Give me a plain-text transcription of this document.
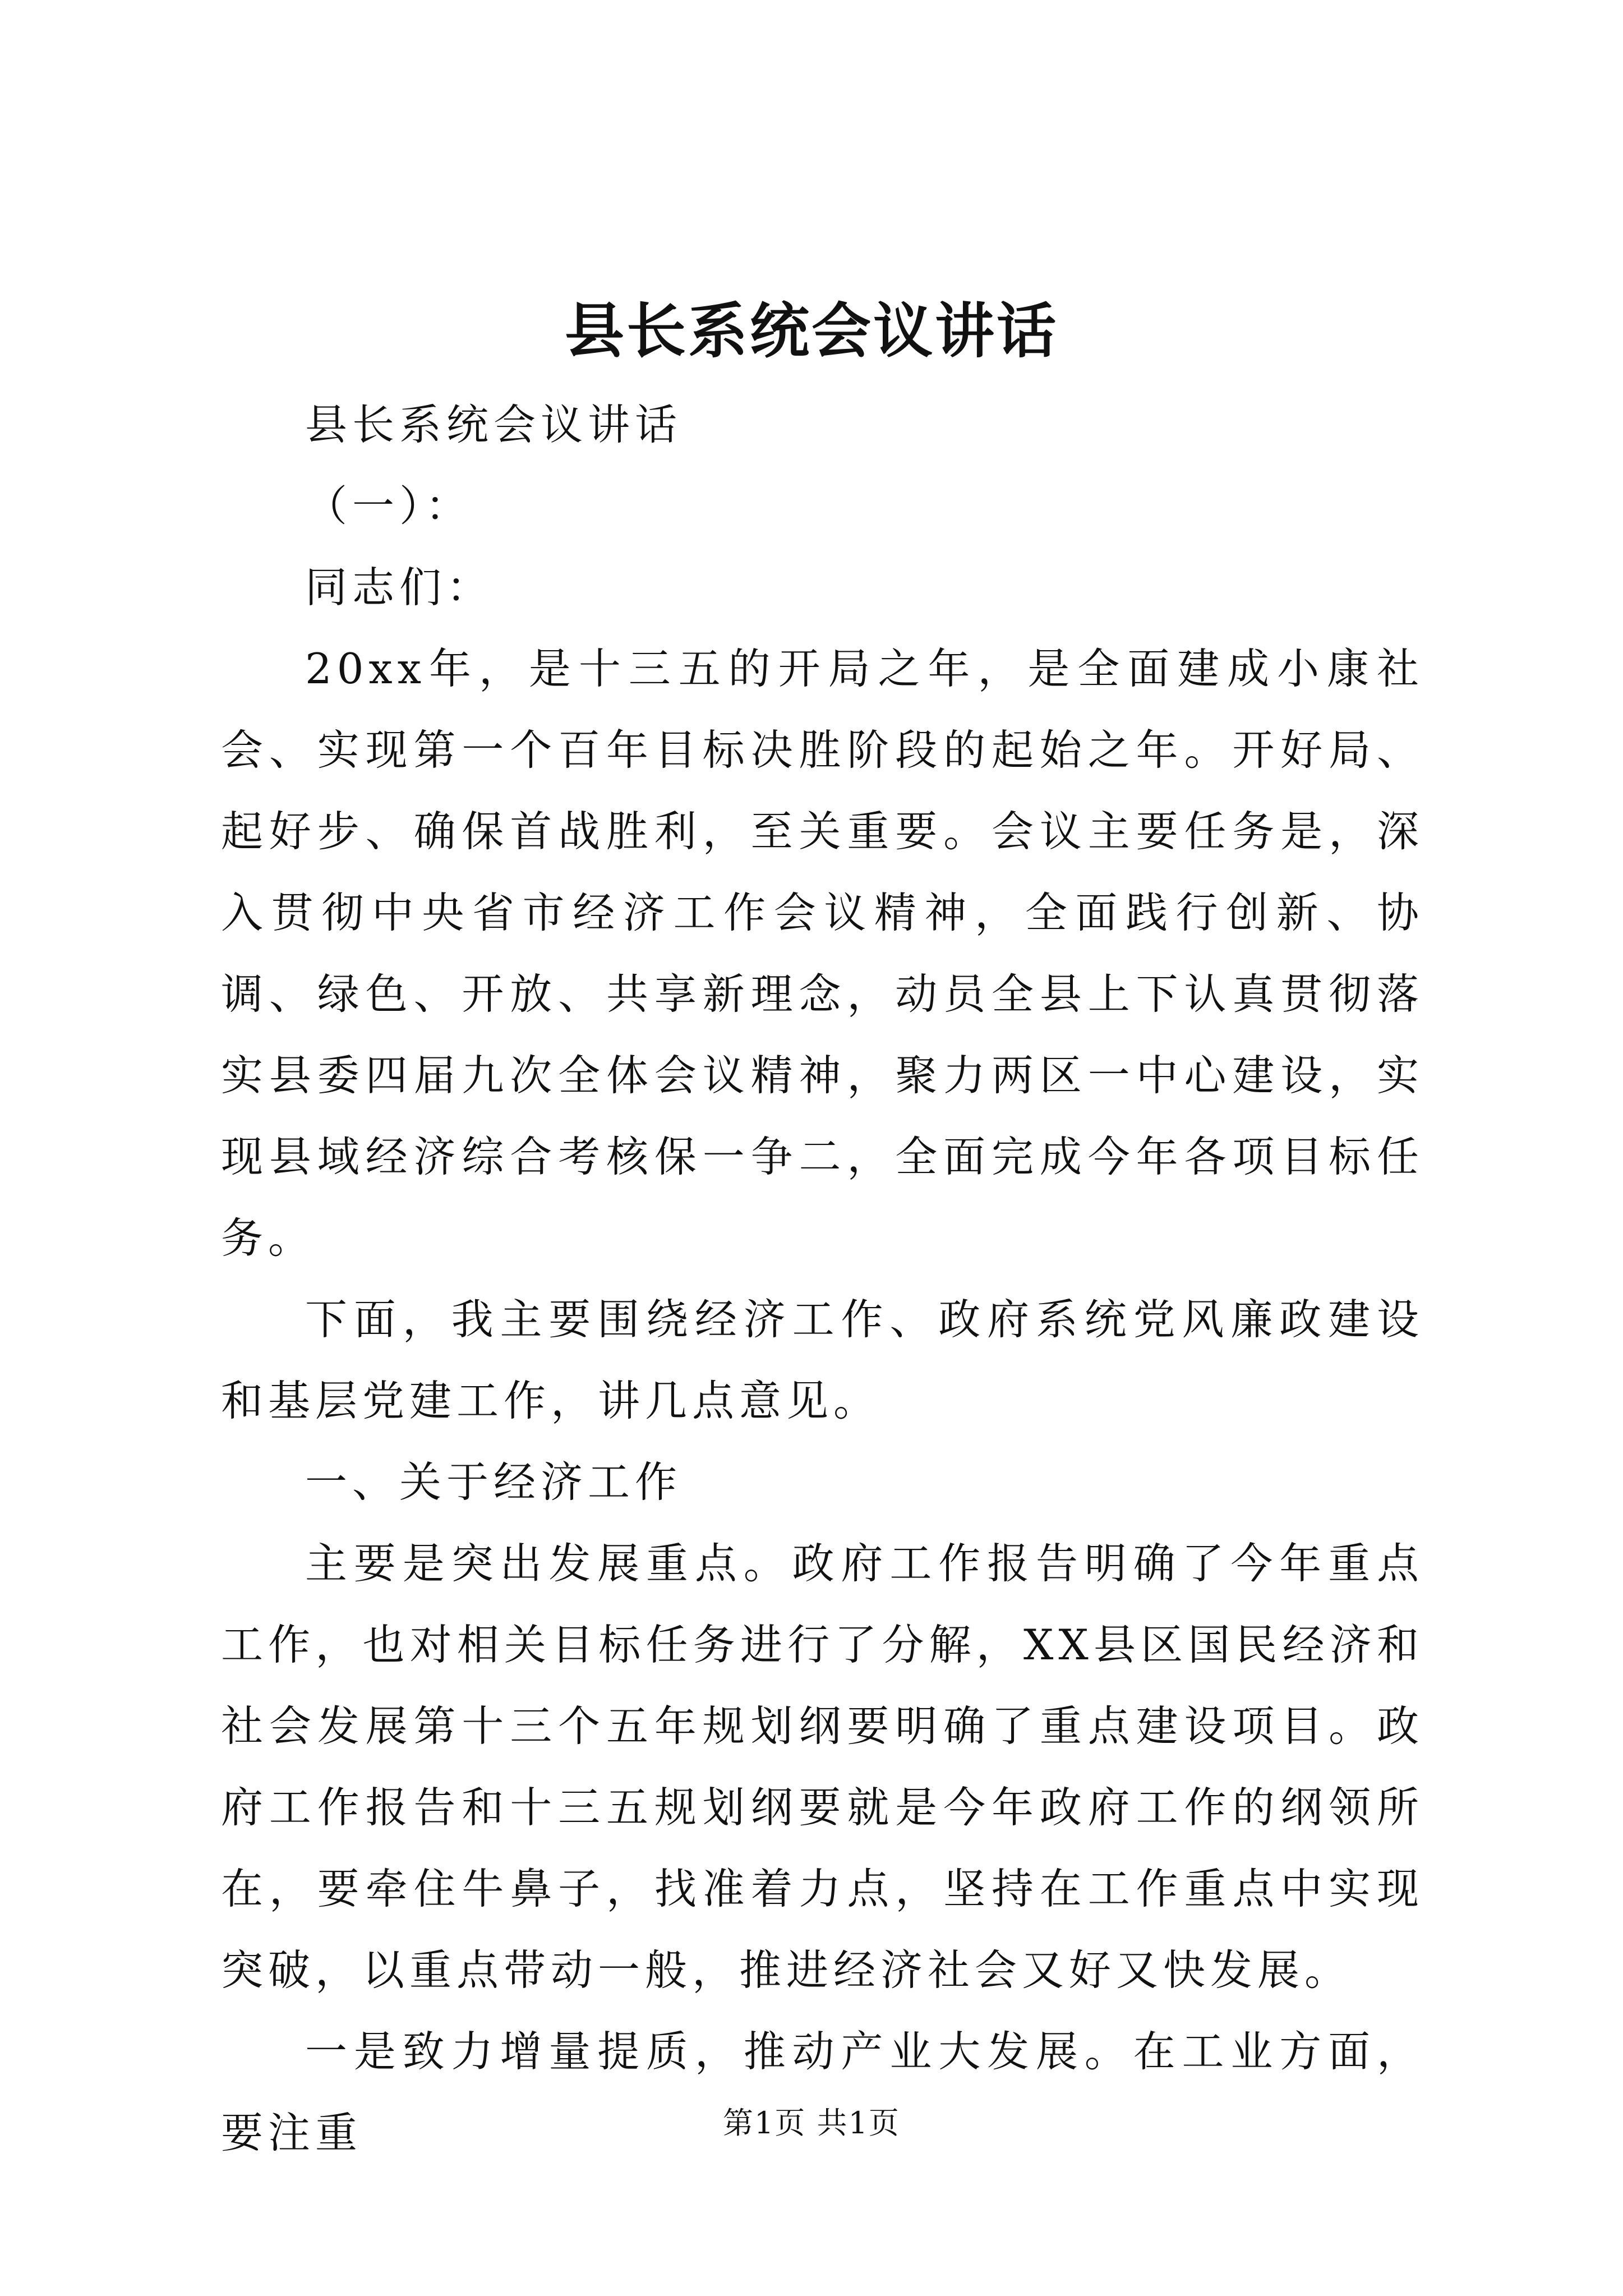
县长系统会议讲话

县长系统会议讲话

（一）：

同志们：

20xx年，是十三五的开局之年，是全面建成小康社会、实现第一个百年目标决胜阶段的起始之年。开好局、起好步、确保首战胜利，至关重要。会议主要任务是，深入贯彻中央省市经济工作会议精神，全面践行创新、协调、绿色、开放、共享新理念，动员全县上下认真贯彻落实县委四届九次全体会议精神，聚力两区一中心建设，实现县域经济综合考核保一争二，全面完成今年各项目标任务。

下面，我主要围绕经济工作、政府系统党风廉政建设和基层党建工作，讲几点意见。

一、关于经济工作

主要是突出发展重点。政府工作报告明确了今年重点工作，也对相关目标任务进行了分解，XX县区国民经济和社会发展第十三个五年规划纲要明确了重点建设项目。政府工作报告和十三五规划纲要就是今年政府工作的纲领所在，要牵住牛鼻子，找准着力点，坚持在工作重点中实现突破，以重点带动一般，推进经济社会又好又快发展。

一是致力增量提质，推动产业大发展。在工业方面，要注重	第1页 共1页
